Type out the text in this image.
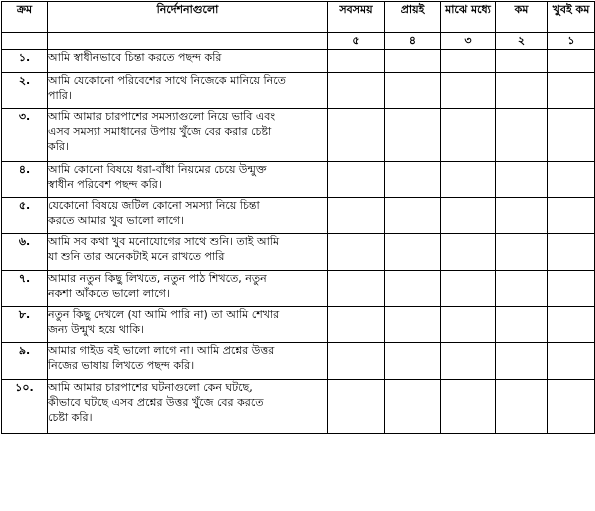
ক্রম	নির্দেশনাগুলো	সবসময়	প্রায়ই	মাঝে মধ্যে	কম	খুবই কম
		৫	৪	৩	২	১
১.	আমি স্বাধীনভাবে চিন্তা করতে পছন্দ করি					

২.	আমি যেকোনো পরিবেশের সাথে নিজেকে মানিয়ে নিতে পারি।					

৩.	আমি আমার চারপাশের সমস্যাগুলো নিয়ে ভাবি এবং এসব সমস্যা সমাধানের উপায় খুঁজে বের করার চেষ্টা করি।					

৪.	আমি কোনো বিষয়ে ধরা-বাঁধা নিয়মের চেয়ে উন্মুক্ত স্বাধীন পরিবেশ পছন্দ করি।					

৫.	যেকোনো বিষয়ে জটিল কোনো সমস্যা নিয়ে চিন্তা করতে আমার খুব ভালো লাগে।					

৬.	আমি সব কথা খুব মনোযোগের সাথে শুনি। তাই আমি যা শুনি তার অনেকটাই মনে রাখতে পারি					

৭.	আমার নতুন কিছু লিখতে, নতুন পাঠ শিখতে, নতুন নকশা আঁকতে ভালো লাগে।					

৮.	নতুন কিছু দেখলে (যা আমি পারি না) তা আমি শেখার জন্য উন্মুখ হয়ে থাকি।					

৯.	আমার গাইড বই ভালো লাগে না। আমি প্রশ্নের উত্তর নিজের ভাষায় লিখতে পছন্দ করি।					

১০.	আমি আমার চারপাশের ঘটনাগুলো কেন ঘটছে, কীভাবে ঘটছে এসব প্রশ্নের উত্তর খুঁজে বের করতে চেষ্টা করি।					
